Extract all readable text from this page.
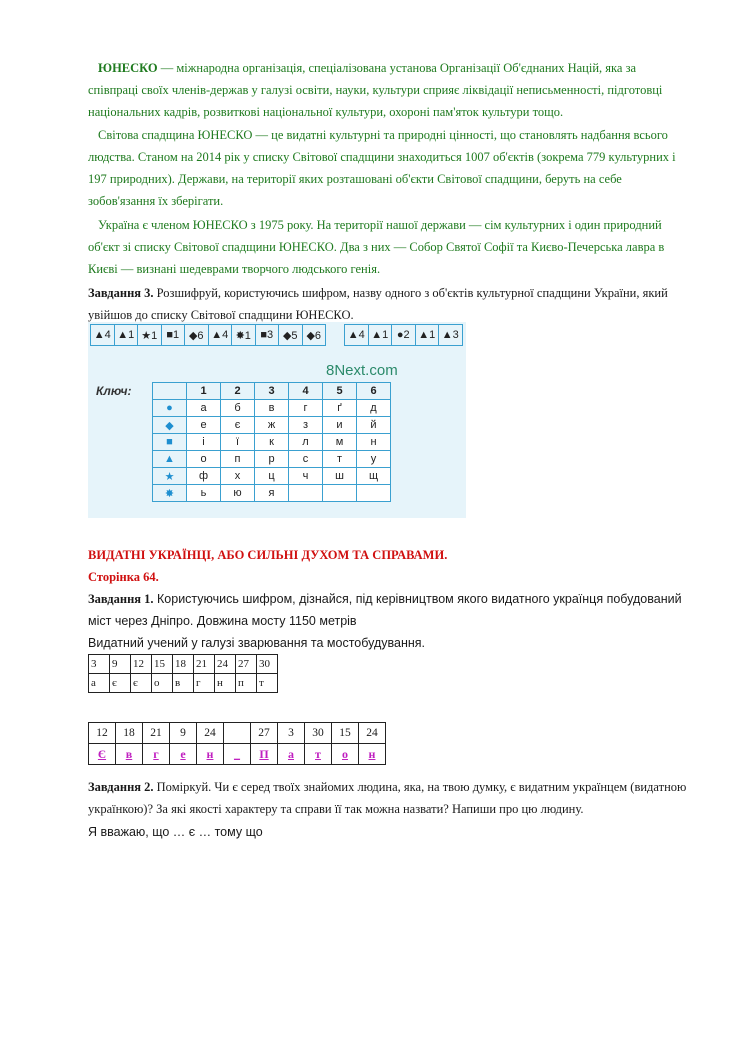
ЮНЕСКО — міжнародна організація, спеціалізована установа Організації Об'єднаних Націй, яка за співпраці своїх членів-держав у галузі освіти, науки, культури сприяє ліквідації неписьменності, підготовці національних кадрів, розвиткові національної культури, охороні пам'яток культури тощо.
Світова спадщина ЮНЕСКО — це видатні культурні та природні цінності, що становлять надбання всього людства. Станом на 2014 рік у списку Світової спадщини знаходиться 1007 об'єктів (зокрема 779 культурних і 197 природних). Держави, на території яких розташовані об'єкти Світової спадщини, беруть на себе зобов'язання їх зберігати.
Україна є членом ЮНЕСКО з 1975 року. На території нашої держави — сім культурних і один природний об'єкт зі списку Світової спадщини ЮНЕСКО. Два з них — Собор Святої Софії та Києво-Печерська лавра в Києві — визнані шедеврами творчого людського генія.
Завдання 3. Розшифруй, користуючись шифром, назву одного з об'єктів культурної спадщини України, який увійшов до списку Світової спадщини ЮНЕСКО.
▲4 ▲1 ★1 ■1 ◆6 ▲4 ✸1 ■3 ◆5 ◆6	▲4 ▲1 ●2 ▲1 ▲3
8Next.com
Ключ:
		1	2	3	4	5	6
●	а	б	в	г	ґ	д
◆	е	є	ж	з	и	й
■	і	ї	к	л	м	н
▲	о	п	р	с	т	у
★	ф	х	ц	ч	ш	щ
✸	ь	ю	я			
ВИДАТНІ УКРАЇНЦІ, АБО СИЛЬНІ ДУХОМ ТА СПРАВАМИ.
Сторінка 64.
Завдання 1. Користуючись шифром, дізнайся, під керівництвом якого видатного українця побудований міст через Дніпро. Довжина мосту 1150 метрів
Видатний учений у галузі зварювання та мостобудування.
3	9	12	15	18	21	24	27	30
а	є	є	о	в	г	н	п	т
12	18	21	9	24		27	3	30	15	24
Є	в	г	е	н	_	П	а	т	о	н
Завдання 2. Поміркуй. Чи є серед твоїх знайомих людина, яка, на твою думку, є видатним українцем (видатною українкою)? За які якості характеру та справи її так можна назвати? Напиши про цю людину.
Я вважаю, що … є … тому що
